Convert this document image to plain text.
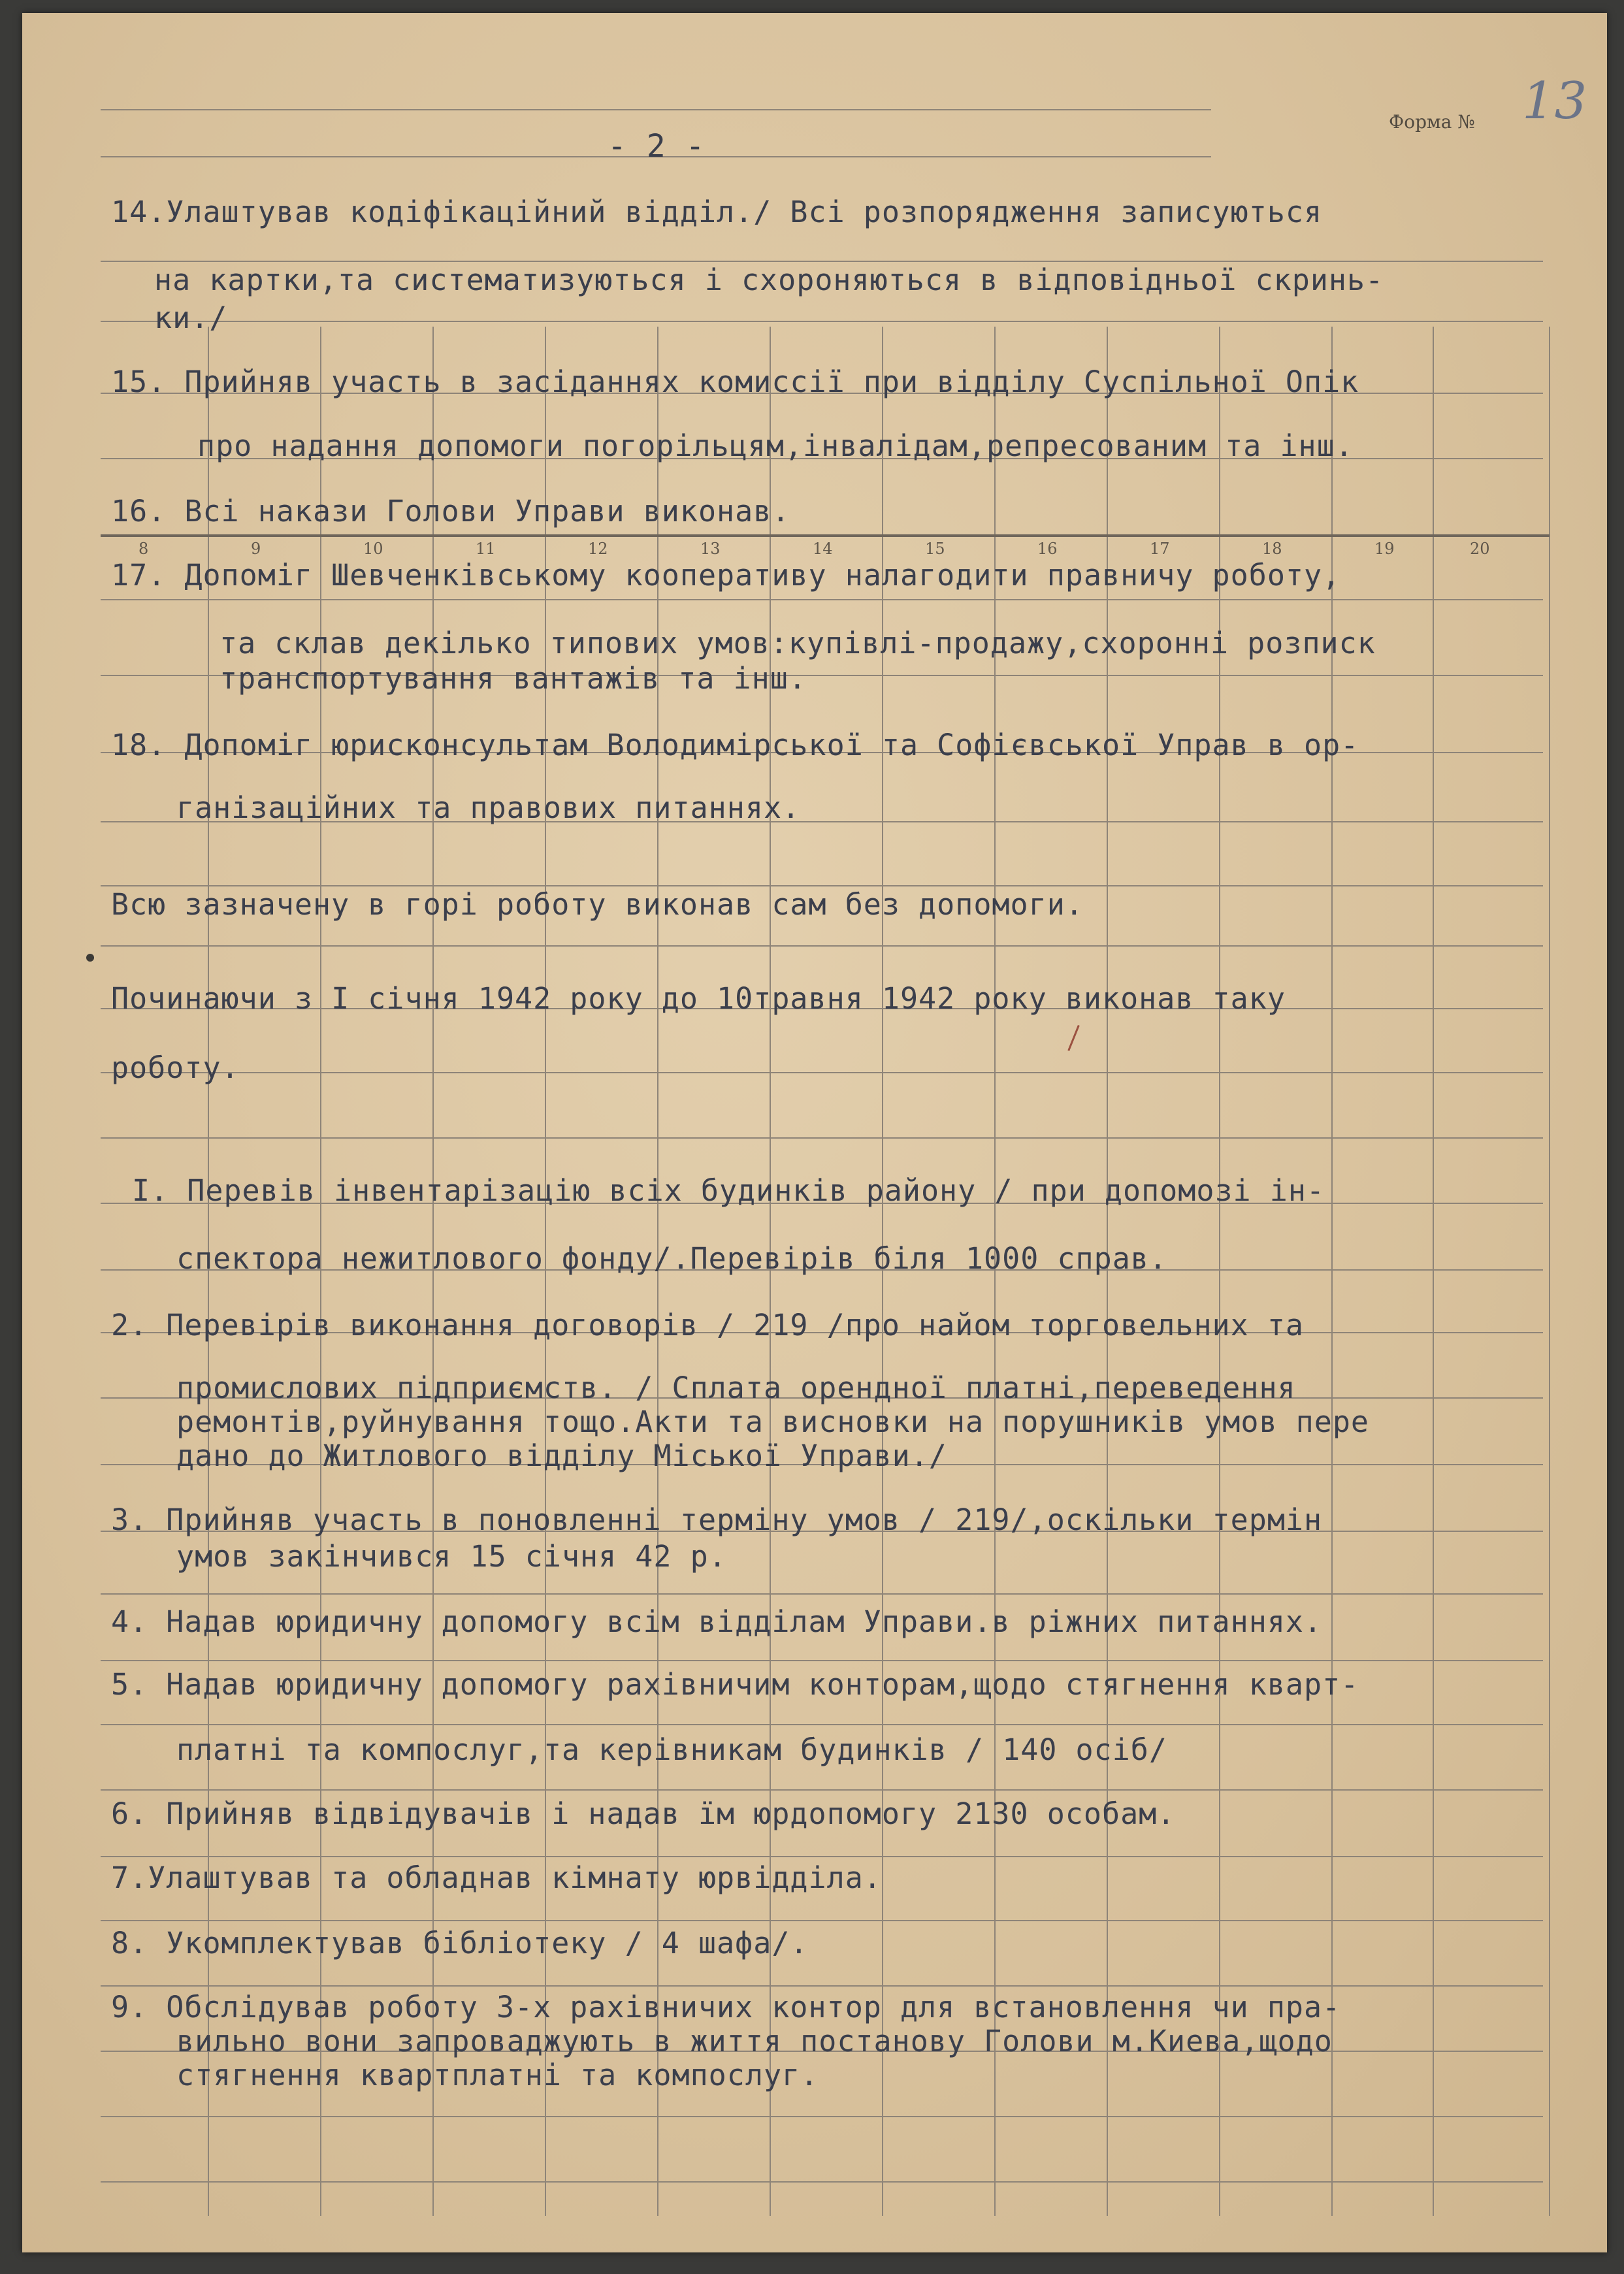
8	9	10	11	12	13	14	15	16	17	18	19	20
- 2 -
Форма № 13
14.Улаштував кодіфікаційний відділ./ Всі розпорядження записуються
на картки,та систематизуються і схороняються в відповідньої скринь-
ки./
15. Прийняв участь в засіданнях комиссії при відділу Суспільної Опік
про надання допомоги погорільцям,інвалідам,репресованим та інш.
16. Всі накази Голови Управи виконав.
17. Допоміг Шевченківському кооперативу налагодити правничу роботу,
та склав декілько типових умов:купівлі-продажу,схоронні розписк
транспортування вантажів та інш.
18. Допоміг юрисконсультам Володимірської та Софієвської Управ в ор-
ганізаційних та правових питаннях.
Всю зазначену в горі роботу виконав сам без допомоги.
Починаючи з I січня 1942 року до 10травня 1942 року виконав таку
роботу.
I. Перевів інвентарізацію всіх будинків району / при допомозі ін-
спектора нежитлового фонду/.Перевірів біля 1000 справ.
2. Перевірів виконання договорів / 219 /про найом торговельних та
промислових підприємств. / Сплата орендної платні,переведення
ремонтів,руйнування тощо.Акти та висновки на порушників умов пере
дано до Житлового відділу Міської Управи./
3. Прийняв участь в поновленні терміну умов / 219/,оскільки термін
умов закінчився 15 січня 42 р.
4. Надав юридичну допомогу всім відділам Управи.в ріжних питаннях.
5. Надав юридичну допомогу рахівничим конторам,щодо стягнення кварт-
платні та компослуг,та керівникам будинків / 140 осіб/
6. Прийняв відвідувачів і надав їм юрдопомогу 2130 особам.
7.Улаштував та обладнав кімнату юрвідділа.
8. Укомплектував бібліотеку / 4 шафа/.
9. Обслідував роботу 3-х рахівничих контор для встановлення чи пра-
вильно вони запроваджують в життя постанову Голови м.Киева,щодо
стягнення квартплатні та компослуг.
